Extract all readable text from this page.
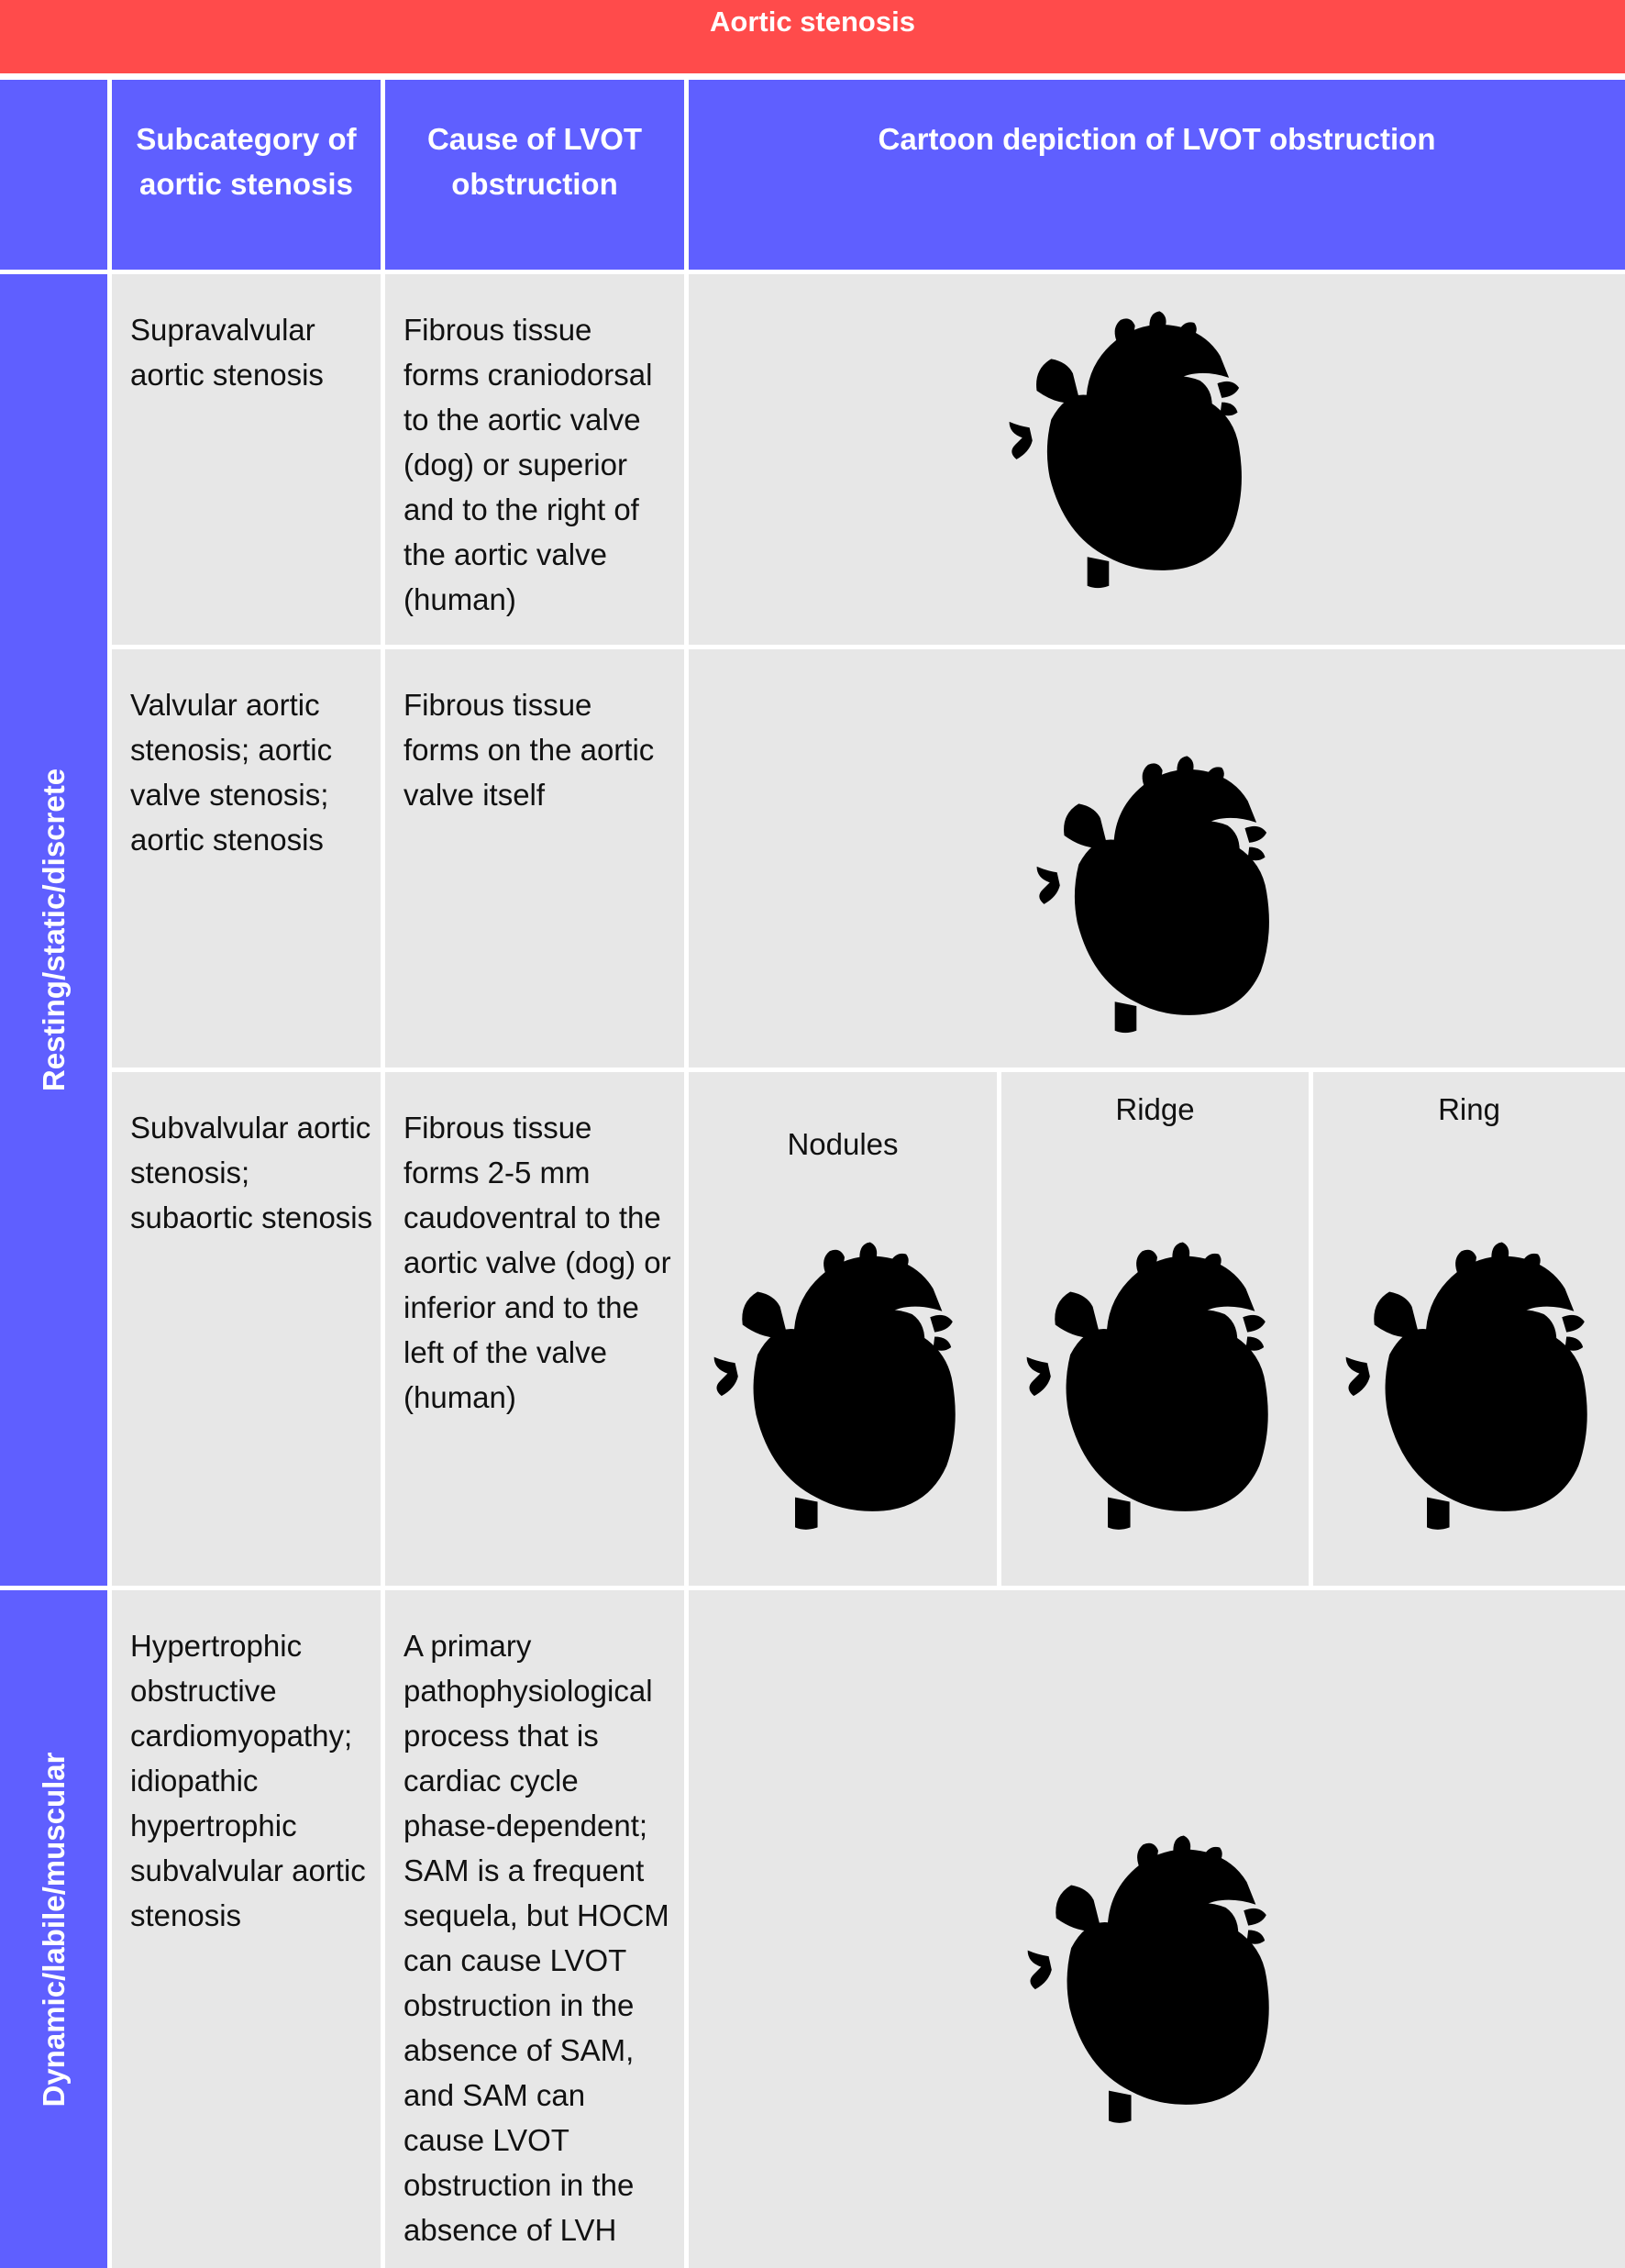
Aortic stenosis
Subcategory of aortic stenosis
Cause of LVOT obstruction
Cartoon depiction of LVOT obstruction
Resting/static/discrete
Dynamic/labile/muscular
Supravalvular aortic stenosis
Fibrous tissue forms craniodorsal to the aortic valve (dog) or superior and to the right of the aortic valve (human)
Valvular aortic stenosis; aortic valve stenosis; aortic stenosis
Fibrous tissue forms on the aortic valve itself
Subvalvular aortic stenosis; subaortic stenosis
Fibrous tissue forms 2-5 mm caudoventral to the aortic valve (dog) or inferior and to the left of the valve (human)
Nodules
Ridge	Ring
Hypertrophic obstructive cardiomyopathy; idiopathic hypertrophic subvalvular aortic stenosis
A primary pathophysiological process that is cardiac cycle phase-dependent; SAM is a frequent sequela, but HOCM can cause LVOT obstruction in the absence of SAM, and SAM can cause LVOT obstruction in the absence of LVH
